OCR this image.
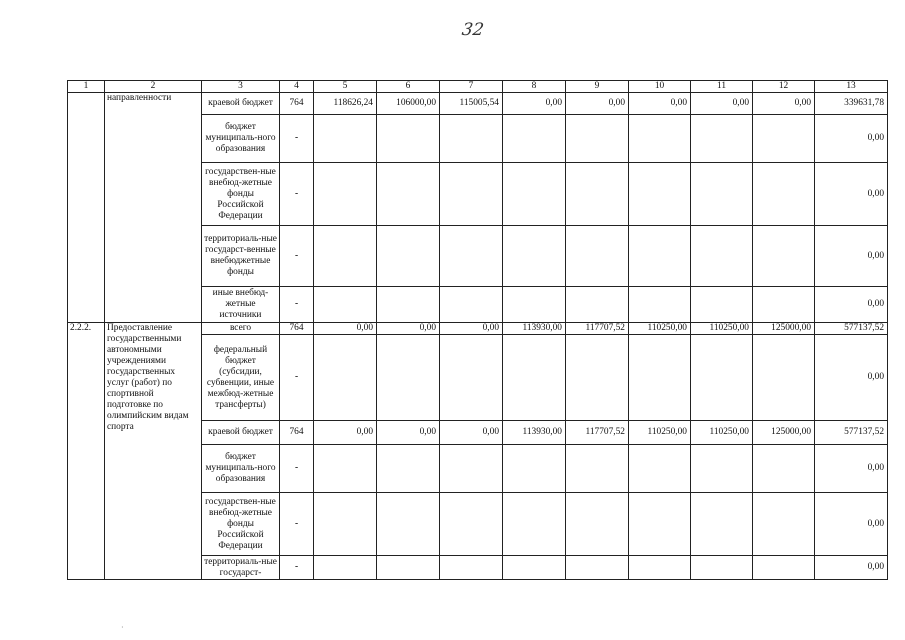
32
1	2	3	4	5	6	7	8	9	10	11	12	13
	направленности	краевой бюджет	764	118626,24	106000,00	115005,54	0,00	0,00	0,00	0,00	0,00	339631,78
		бюджет муниципаль-ного образования	-									0,00
		государствен-ные внебюд-жетные фонды Российской Федерации	-									0,00
		территориаль-ные государст-венные внебюджетные фонды	-									0,00
		иные внебюд-жетные источники	-									0,00
2.2.2.	Предоставление государственными автономными учреждениями государственных услуг (работ) по спортивной подготовке по олимпийским видам спорта	всего	764	0,00	0,00	0,00	113930,00	117707,52	110250,00	110250,00	125000,00	577137,52
		федеральный бюджет (субсидии, субвенции, иные межбюд-жетные трансферты)	-									0,00
		краевой бюджет	764	0,00	0,00	0,00	113930,00	117707,52	110250,00	110250,00	125000,00	577137,52
		бюджет муниципаль-ного образования	-									0,00
		государствен-ные внебюд-жетные фонды Российской Федерации	-									0,00
		территориаль-ные государст-	-									0,00
·
